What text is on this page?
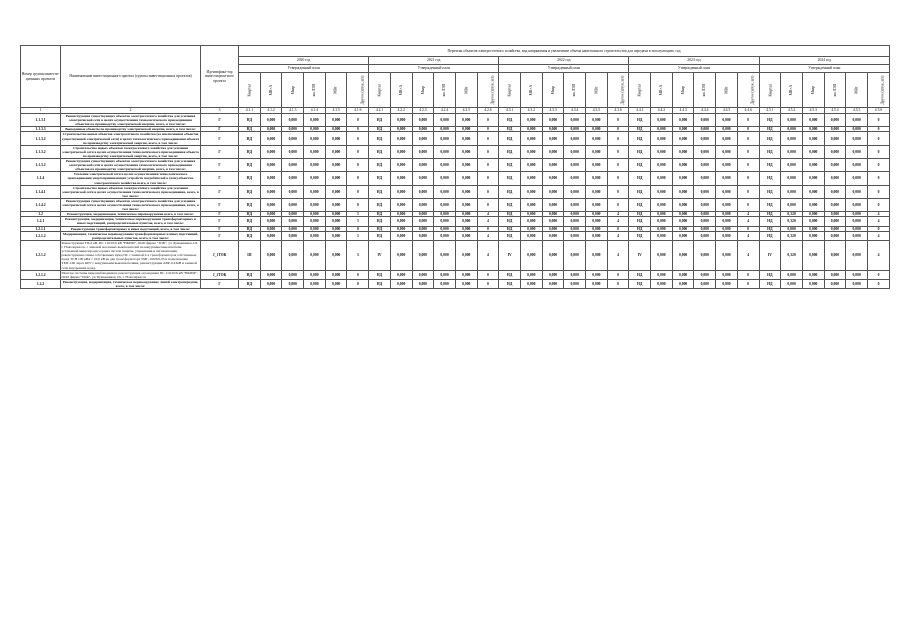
Номер группы инвести-ционных проектов	Наименование инвестиционного проекта (группы инвестиционных проектов)	Идентифика-тор инвестицион-ного проекта	Перечень объектов электросетевого хозяйства, вид напряжения и увеличение объема капитального строительства для передачи в эксплуатацию, год																													
			2020 год						2021 год						2022 год						2023 год						2024 год					
			Утвержденный план						Утвержденный план						Утвержденный план						Утвержденный план						Утвержденный план					
			Квартал	МВ×А	Мвар	км ЛЭП	МВт	Другое (штук, шт)	Квартал	МВ×А	Мвар	км ЛЭП	МВт	Другое (штук, шт)	Квартал	МВ×А	Мвар	км ЛЭП	МВт	Другое (штук, шт)	Квартал	МВ×А	Мвар	км ЛЭП	МВт	Другое (штук, шт)	Квартал	МВ×А	Мвар	км ЛЭП	МВт	Другое (штук, шт)
1	2	3	4.1.1	4.1.2	4.1.3	4.1.4	4.1.5	4.1.6	4.2.1	4.2.2	4.2.3	4.2.4	4.2.5	4.2.6	4.3.1	4.3.2	4.3.3	4.3.4	4.3.5	4.3.6	4.4.1	4.4.2	4.4.3	4.4.4	4.4.5	4.4.6	4.5.1	4.5.2	4.5.3	4.5.4	4.5.5	4.5.6
1.1.3.1	Реконструкция существующих объектов электросетевого хозяйства для усиления электрической сети в целях осуществления технологического присоединения объектов по производству электрической энергии, всего, в том числе:	Г	НД	0,000	0,000	0,000	0,000	0	НД	0,000	0,000	0,000	0,000	0	НД	0,000	0,000	0,000	0,000	0	НД	0,000	0,000	0,000	0,000	0	НД	0,000	0,000	0,000	0,000	0
1.1.3.3	Выведенные объекты по производству электрической энергии, всего, в том числе:	Г	НД	0,000	0,000	0,000	0,000	0	НД	0,000	0,000	0,000	0,000	0	НД	0,000	0,000	0,000	0,000	0	НД	0,000	0,000	0,000	0,000	0	НД	0,000	0,000	0,000	0,000	0
1.1.3.2	Строительство новых объектов электросетевого хозяйства (за исключением объектов существующей электрической сети) в целях технологического присоединения объекта по производству электрической энергии, всего, в том числе:	Г	НД	0,000	0,000	0,000	0,000	0	НД	0,000	0,000	0,000	0,000	0	НД	0,000	0,000	0,000	0,000	0	НД	0,000	0,000	0,000	0,000	0	НД	0,000	0,000	0,000	0,000	0
1.1.3.2	Строительство новых объектов электросетевого хозяйства для усиления электрической сети в целях осуществления технологического присоединения объекта по производству электрической энергии, всего, в том числе:	Г	НД	0,000	0,000	0,000	0,000	0	НД	0,000	0,000	0,000	0,000	0	НД	0,000	0,000	0,000	0,000	0	НД	0,000	0,000	0,000	0,000	0	НД	0,000	0,000	0,000	0,000	0
1.1.3.2	Реконструкция существующих объектов электросетевого хозяйства для усиления электрической сети в целях осуществления технологического присоединения объектов по производству электрической энергии, всего, в том числе:	Г	НД	0,000	0,000	0,000	0,000	0	НД	0,000	0,000	0,000	0,000	0	НД	0,000	0,000	0,000	0,000	0	НД	0,000	0,000	0,000	0,000	0	НД	0,000	0,000	0,000	0,000	0
1.1.4	Усиление электрической сети в целях осуществления технологического присоединения энергопринимающих устройств потребителей к (или) объектам электросетевого хозяйства всего, в том числе:	Г	НД	0,000	0,000	0,000	0,000	0	НД	0,000	0,000	0,000	0,000	0	НД	0,000	0,000	0,000	0,000	0	НД	0,000	0,000	0,000	0,000	0	НД	0,000	0,000	0,000	0,000	0
1.1.4.1	Строительство новых объектов электросетевого хозяйства для усиления электрической сети в целях осуществления технологического присоединения, всего, в том числе:	Г	НД	0,000	0,000	0,000	0,000	0	НД	0,000	0,000	0,000	0,000	0	НД	0,000	0,000	0,000	0,000	0	НД	0,000	0,000	0,000	0,000	0	НД	0,000	0,000	0,000	0,000	0
1.1.4.2	Реконструкция существующих объектов электросетевого хозяйства для усиления электрической сети в целях осуществления технологического присоединения, всего, в том числе:	Г	НД	0,000	0,000	0,000	0,000	0	НД	0,000	0,000	0,000	0,000	0	НД	0,000	0,000	0,000	0,000	0	НД	0,000	0,000	0,000	0,000	0	НД	0,000	0,000	0,000	0,000	0
1.2	Реконструкция, модернизация, техническое перевооружение всего, в том числе:	Г	НД	0,000	0,000	0,000	0,000	3	НД	0,000	0,000	0,000	0,000	4	НД	0,000	0,000	0,000	0,000	4	НД	0,000	0,000	0,000	0,000	4	НД	0,320	0,000	0,000	0,000	4
1.2.1	Реконструкция, модернизация, техническое перевооружение трансформаторных и иных подстанций, распределительных пунктов, всего, в том числе:	Г	НД	0,000	0,000	0,000	0,000	3	НД	0,000	0,000	0,000	0,000	4	НД	0,000	0,000	0,000	0,000	4	НД	0,000	0,000	0,000	0,000	4	НД	0,320	0,000	0,000	0,000	4
1.2.1.1	Реконструкция трансформаторных и иных подстанций, всего, в том числе:	Г	НД	0,000	0,000	0,000	0,000	0	НД	0,000	0,000	0,000	0,000	0	НД	0,000	0,000	0,000	0,000	0	НД	0,000	0,000	0,000	0,000	0	НД	0,000	0,000	0,000	0,000	0
1.2.1.2	Модернизация, техническое перевооружение трансформаторных и иных подстанций, распределительных пунктов, всего, в том числе:	Г	НД	0,000	0,000	0,000	0,000	3	НД	0,000	0,000	0,000	0,000	4	НД	0,000	0,000	0,000	0,000	4	НД	0,000	0,000	0,000	0,000	4	НД	0,320	0,000	0,000	0,000	4
1.2.1.2	Реконструкция ТП-6 кВ, ПС 110/10/6 кВ "НКПМ", ООО фирма "ТОК", ул. Бумажников,1/6, г. Новочеркасск, с заменой масляных выключателей на вакуумные выключатели, установкой микропроцессорных систем защиты, управления и сигнализации; реконструкция схемы собственных нужд ПС с заменой 2-х трансформаторов собственных нужд ТСН 100 кВА с 10/6 кВ на два трансформатора ТМГ-160/6/0,23 и подключение ТМГ-160 через КРУ с вакуумными выключателями, реконструкция АВР-0,23кВ и заменой сети внутренних нужд.	J_1ТОК	III	0,000	0,000	0,000	0,000	3	IV	0,000	0,000	0,000	0,000	4	IV	0,000	0,000	0,000	0,000	4	IV	0,000	0,000	0,000	0,000	4	IV	0,320	0,000	0,000	0,000	4
1.2.1.2	Монтаж системы видеонаблюдения и реконструкция ограждения ПС 110/10/6 кВ "НКПМ", ООО фирма "ТОК", ул. Бумажников,1/6, г. Новочеркасск	J_2ТОК	НД	0,000	0,000	0,000	0,000	0	НД	0,000	0,000	0,000	0,000	0	НД	0,000	0,000	0,000	0,000	0	НД	0,000	0,000	0,000	0,000	0	НД	0,000	0,000	0,000	0,000	0
1.2.2	Реконструкция, модернизация, техническое перевооружение линий электропередачи, всего, в том числе:	Г	НД	0,000	0,000	0,000	0,000	0	НД	0,000	0,000	0,000	0,000	0	НД	0,000	0,000	0,000	0,000	0	НД	0,000	0,000	0,000	0,000	0	НД	0,000	0,000	0,000	0,000	0
